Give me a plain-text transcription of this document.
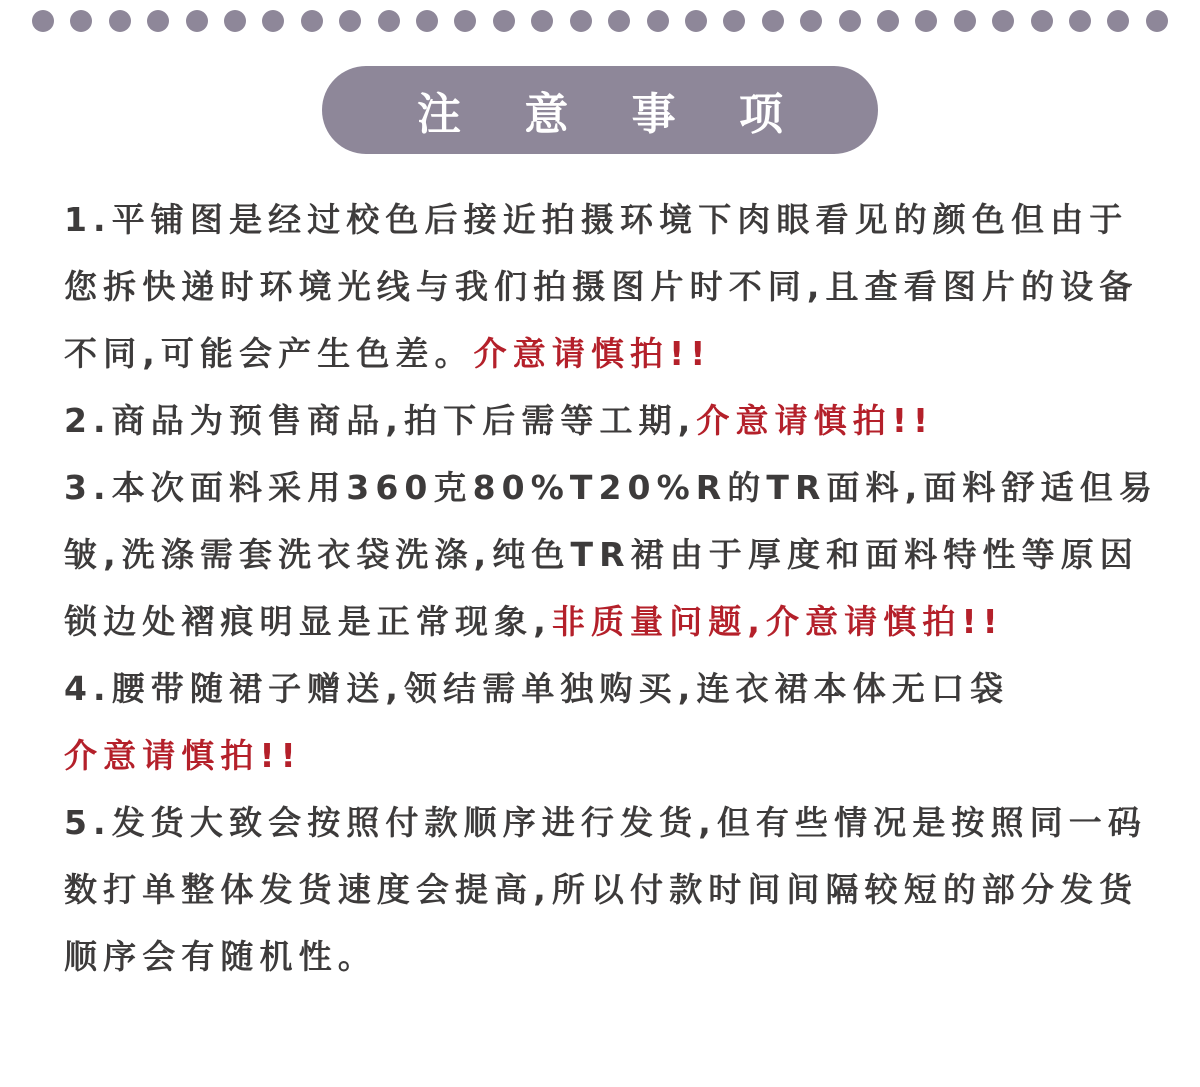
注 意 事 项

1.平铺图是经过校色后接近拍摄环境下肉眼看见的颜色但由于您拆快递时环境光线与我们拍摄图片时不同,且查看图片的设备不同,可能会产生色差。介意请慎拍!!

2.商品为预售商品,拍下后需等工期,介意请慎拍!!

3.本次面料采用360克80%T20%R的TR面料,面料舒适但易皱,洗涤需套洗衣袋洗涤,纯色TR裙由于厚度和面料特性等原因锁边处褶痕明显是正常现象,非质量问题,介意请慎拍!!

4.腰带随裙子赠送,领结需单独购买,连衣裙本体无口袋
介意请慎拍!!

5.发货大致会按照付款顺序进行发货,但有些情况是按照同一码数打单整体发货速度会提高,所以付款时间间隔较短的部分发货顺序会有随机性。
